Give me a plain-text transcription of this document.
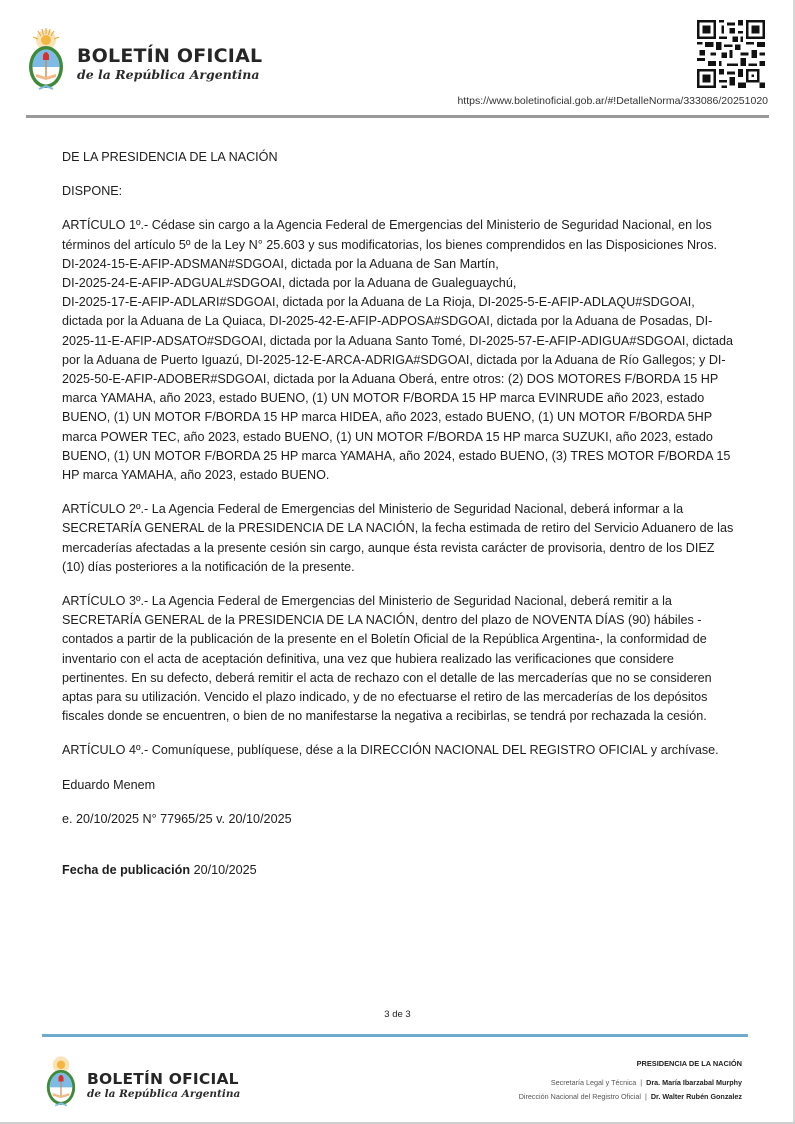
BOLETÍN OFICIAL
de la República Argentina
https://www.boletinoficial.gob.ar/#!DetalleNorma/333086/20251020

DE LA PRESIDENCIA DE LA NACIÓN

DISPONE:

ARTÍCULO 1º.- Cédase sin cargo a la Agencia Federal de Emergencias del Ministerio de Seguridad Nacional, en los términos del artículo 5º de la Ley N° 25.603 y sus modificatorias, los bienes comprendidos en las Disposiciones Nros. DI-2024-15-E-AFIP-ADSMAN#SDGOAI, dictada por la Aduana de San Martín,
DI-2025-24-E-AFIP-ADGUAL#SDGOAI, dictada por la Aduana de Gualeguaychú,
DI-2025-17-E-AFIP-ADLARI#SDGOAI, dictada por la Aduana de La Rioja, DI-2025-5-E-AFIP-ADLAQU#SDGOAI, dictada por la Aduana de La Quiaca, DI-2025-42-E-AFIP-ADPOSA#SDGOAI, dictada por la Aduana de Posadas, DI-2025-11-E-AFIP-ADSATO#SDGOAI, dictada por la Aduana Santo Tomé, DI-2025-57-E-AFIP-ADIGUA#SDGOAI, dictada por la Aduana de Puerto Iguazú, DI-2025-12-E-ARCA-ADRIGA#SDGOAI, dictada por la Aduana de Río Gallegos; y DI-2025-50-E-AFIP-ADOBER#SDGOAI, dictada por la Aduana Oberá, entre otros: (2) DOS MOTORES F/BORDA 15 HP marca YAMAHA, año 2023, estado BUENO, (1) UN MOTOR F/BORDA 15 HP marca EVINRUDE año 2023, estado BUENO, (1) UN MOTOR F/BORDA 15 HP marca HIDEA, año 2023, estado BUENO, (1) UN MOTOR F/BORDA 5HP marca POWER TEC, año 2023, estado BUENO, (1) UN MOTOR F/BORDA 15 HP marca SUZUKI, año 2023, estado BUENO, (1) UN MOTOR F/BORDA 25 HP marca YAMAHA, año 2024, estado BUENO, (3) TRES MOTOR F/BORDA 15 HP marca YAMAHA, año 2023, estado BUENO.

ARTÍCULO 2º.- La Agencia Federal de Emergencias del Ministerio de Seguridad Nacional, deberá informar a la SECRETARÍA GENERAL de la PRESIDENCIA DE LA NACIÓN, la fecha estimada de retiro del Servicio Aduanero de las mercaderías afectadas a la presente cesión sin cargo, aunque ésta revista carácter de provisoria, dentro de los DIEZ (10) días posteriores a la notificación de la presente.

ARTÍCULO 3º.- La Agencia Federal de Emergencias del Ministerio de Seguridad Nacional, deberá remitir a la SECRETARÍA GENERAL de la PRESIDENCIA DE LA NACIÓN, dentro del plazo de NOVENTA DÍAS (90) hábiles -contados a partir de la publicación de la presente en el Boletín Oficial de la República Argentina-, la conformidad de inventario con el acta de aceptación definitiva, una vez que hubiera realizado las verificaciones que considere pertinentes. En su defecto, deberá remitir el acta de rechazo con el detalle de las mercaderías que no se consideren aptas para su utilización. Vencido el plazo indicado, y de no efectuarse el retiro de las mercaderías de los depósitos fiscales donde se encuentren, o bien de no manifestarse la negativa a recibirlas, se tendrá por rechazada la cesión.

ARTÍCULO 4º.- Comuníquese, publíquese, dése a la DIRECCIÓN NACIONAL DEL REGISTRO OFICIAL y archívase.

Eduardo Menem

e. 20/10/2025 N° 77965/25 v. 20/10/2025

Fecha de publicación 20/10/2025

3 de 3
BOLETÍN OFICIAL
de la República Argentina
PRESIDENCIA DE LA NACIÓN
Secretaría Legal y Técnica | Dra. María Ibarzabal Murphy
Dirección Nacional del Registro Oficial | Dr. Walter Rubén Gonzalez
